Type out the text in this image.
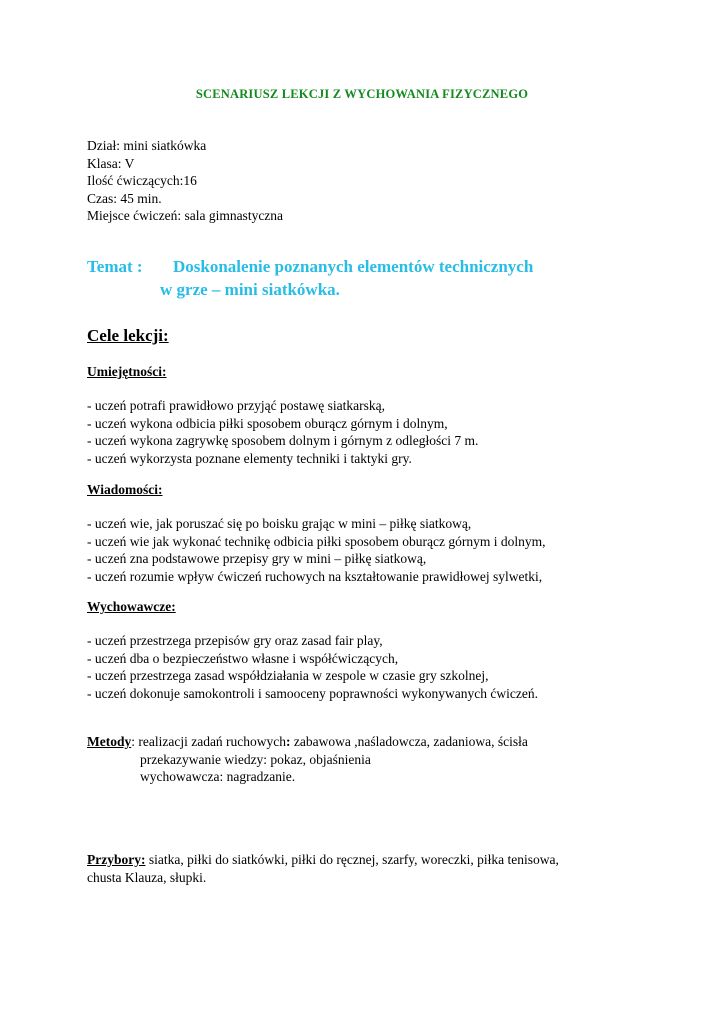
SCENARIUSZ LEKCJI Z WYCHOWANIA FIZYCZNEGO
Dział: mini siatkówka
Klasa: V
Ilość ćwiczących:16
Czas: 45 min.
Miejsce ćwiczeń: sala gimnastyczna
Temat : Doskonalenie poznanych elementów technicznych
w grze – mini siatkówka.
Cele lekcji:
Umiejętności:
- uczeń potrafi prawidłowo przyjąć postawę siatkarską,
- uczeń wykona odbicia piłki sposobem oburącz górnym i dolnym,
- uczeń wykona zagrywkę sposobem dolnym i górnym z odległości 7 m.
- uczeń wykorzysta poznane elementy techniki i taktyki gry.
Wiadomości:
- uczeń wie, jak poruszać się po boisku grając w mini – piłkę siatkową,
- uczeń wie jak wykonać technikę odbicia piłki sposobem oburącz górnym i dolnym,
- uczeń zna podstawowe przepisy gry w mini – piłkę siatkową,
- uczeń rozumie wpływ ćwiczeń ruchowych na kształtowanie prawidłowej sylwetki,
Wychowawcze:
- uczeń przestrzega przepisów gry oraz zasad fair play,
- uczeń dba o bezpieczeństwo własne i współćwiczących,
- uczeń przestrzega zasad współdziałania w zespole w czasie gry szkolnej,
- uczeń dokonuje samokontroli i samooceny poprawności wykonywanych ćwiczeń.
Metody: realizacji zadań ruchowych: zabawowa ,naśladowcza, zadaniowa, ścisła
przekazywanie wiedzy: pokaz, objaśnienia
wychowawcza: nagradzanie.
Przybory: siatka, piłki do siatkówki, piłki do ręcznej, szarfy, woreczki, piłka tenisowa,
chusta Klauza, słupki.
